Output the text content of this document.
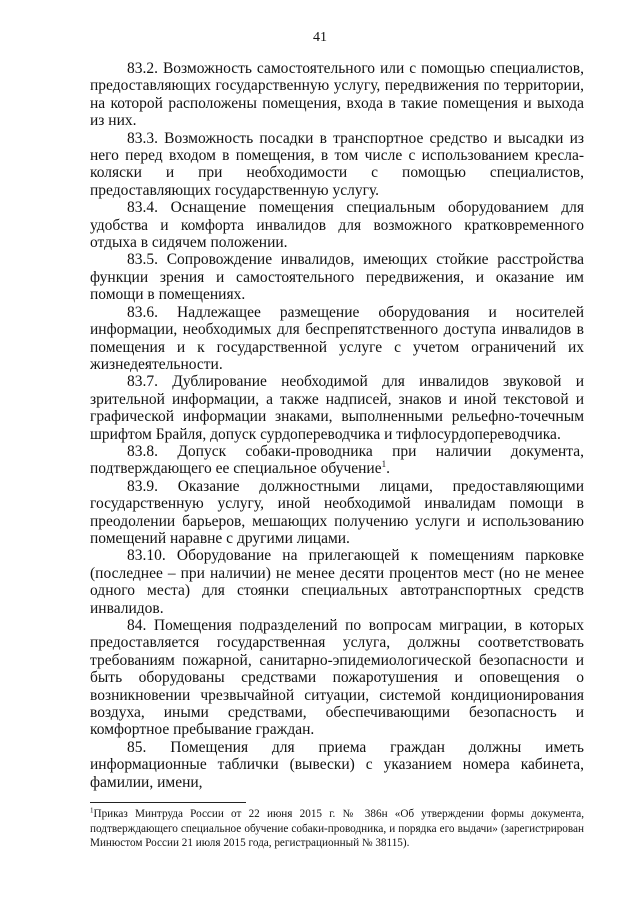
41

83.2. Возможность самостоятельного или с помощью специалистов, предоставляющих государственную услугу, передвижения по территории, на которой расположены помещения, входа в такие помещения и выхода из них.

83.3. Возможность посадки в транспортное средство и высадки из него перед входом в помещения, в том числе с использованием кресла-коляски и при необходимости с помощью специалистов, предоставляющих государственную услугу.

83.4. Оснащение помещения специальным оборудованием для удобства и комфорта инвалидов для возможного кратковременного отдыха в сидячем положении.

83.5. Сопровождение инвалидов, имеющих стойкие расстройства функции зрения и самостоятельного передвижения, и оказание им помощи в помещениях.

83.6. Надлежащее размещение оборудования и носителей информации, необходимых для беспрепятственного доступа инвалидов в помещения и к государственной услуге с учетом ограничений их жизнедеятельности.

83.7. Дублирование необходимой для инвалидов звуковой и зрительной информации, а также надписей, знаков и иной текстовой и графической информации знаками, выполненными рельефно-точечным шрифтом Брайля, допуск сурдопереводчика и тифлосурдопереводчика.

83.8. Допуск собаки-проводника при наличии документа, подтверждающего ее специальное обучение$^1$.

83.9. Оказание должностными лицами, предоставляющими государственную услугу, иной необходимой инвалидам помощи в преодолении барьеров, мешающих получению услуги и использованию помещений наравне с другими лицами.

83.10. Оборудование на прилегающей к помещениям парковке (последнее – при наличии) не менее десяти процентов мест (но не менее одного места) для стоянки специальных автотранспортных средств инвалидов.

84. Помещения подразделений по вопросам миграции, в которых предоставляется государственная услуга, должны соответствовать требованиям пожарной, санитарно-эпидемиологической безопасности и быть оборудованы средствами пожаротушения и оповещения о возникновении чрезвычайной ситуации, системой кондиционирования воздуха, иными средствами, обеспечивающими безопасность и комфортное пребывание граждан.

85. Помещения для приема граждан должны иметь информационные таблички (вывески) с указанием номера кабинета, фамилии, имени,

$^1$Приказ Минтруда России от 22 июня 2015 г. № 386н «Об утверждении формы документа, подтверждающего специальное обучение собаки-проводника, и порядка его выдачи» (зарегистрирован Минюстом России 21 июля 2015 года, регистрационный № 38115).
